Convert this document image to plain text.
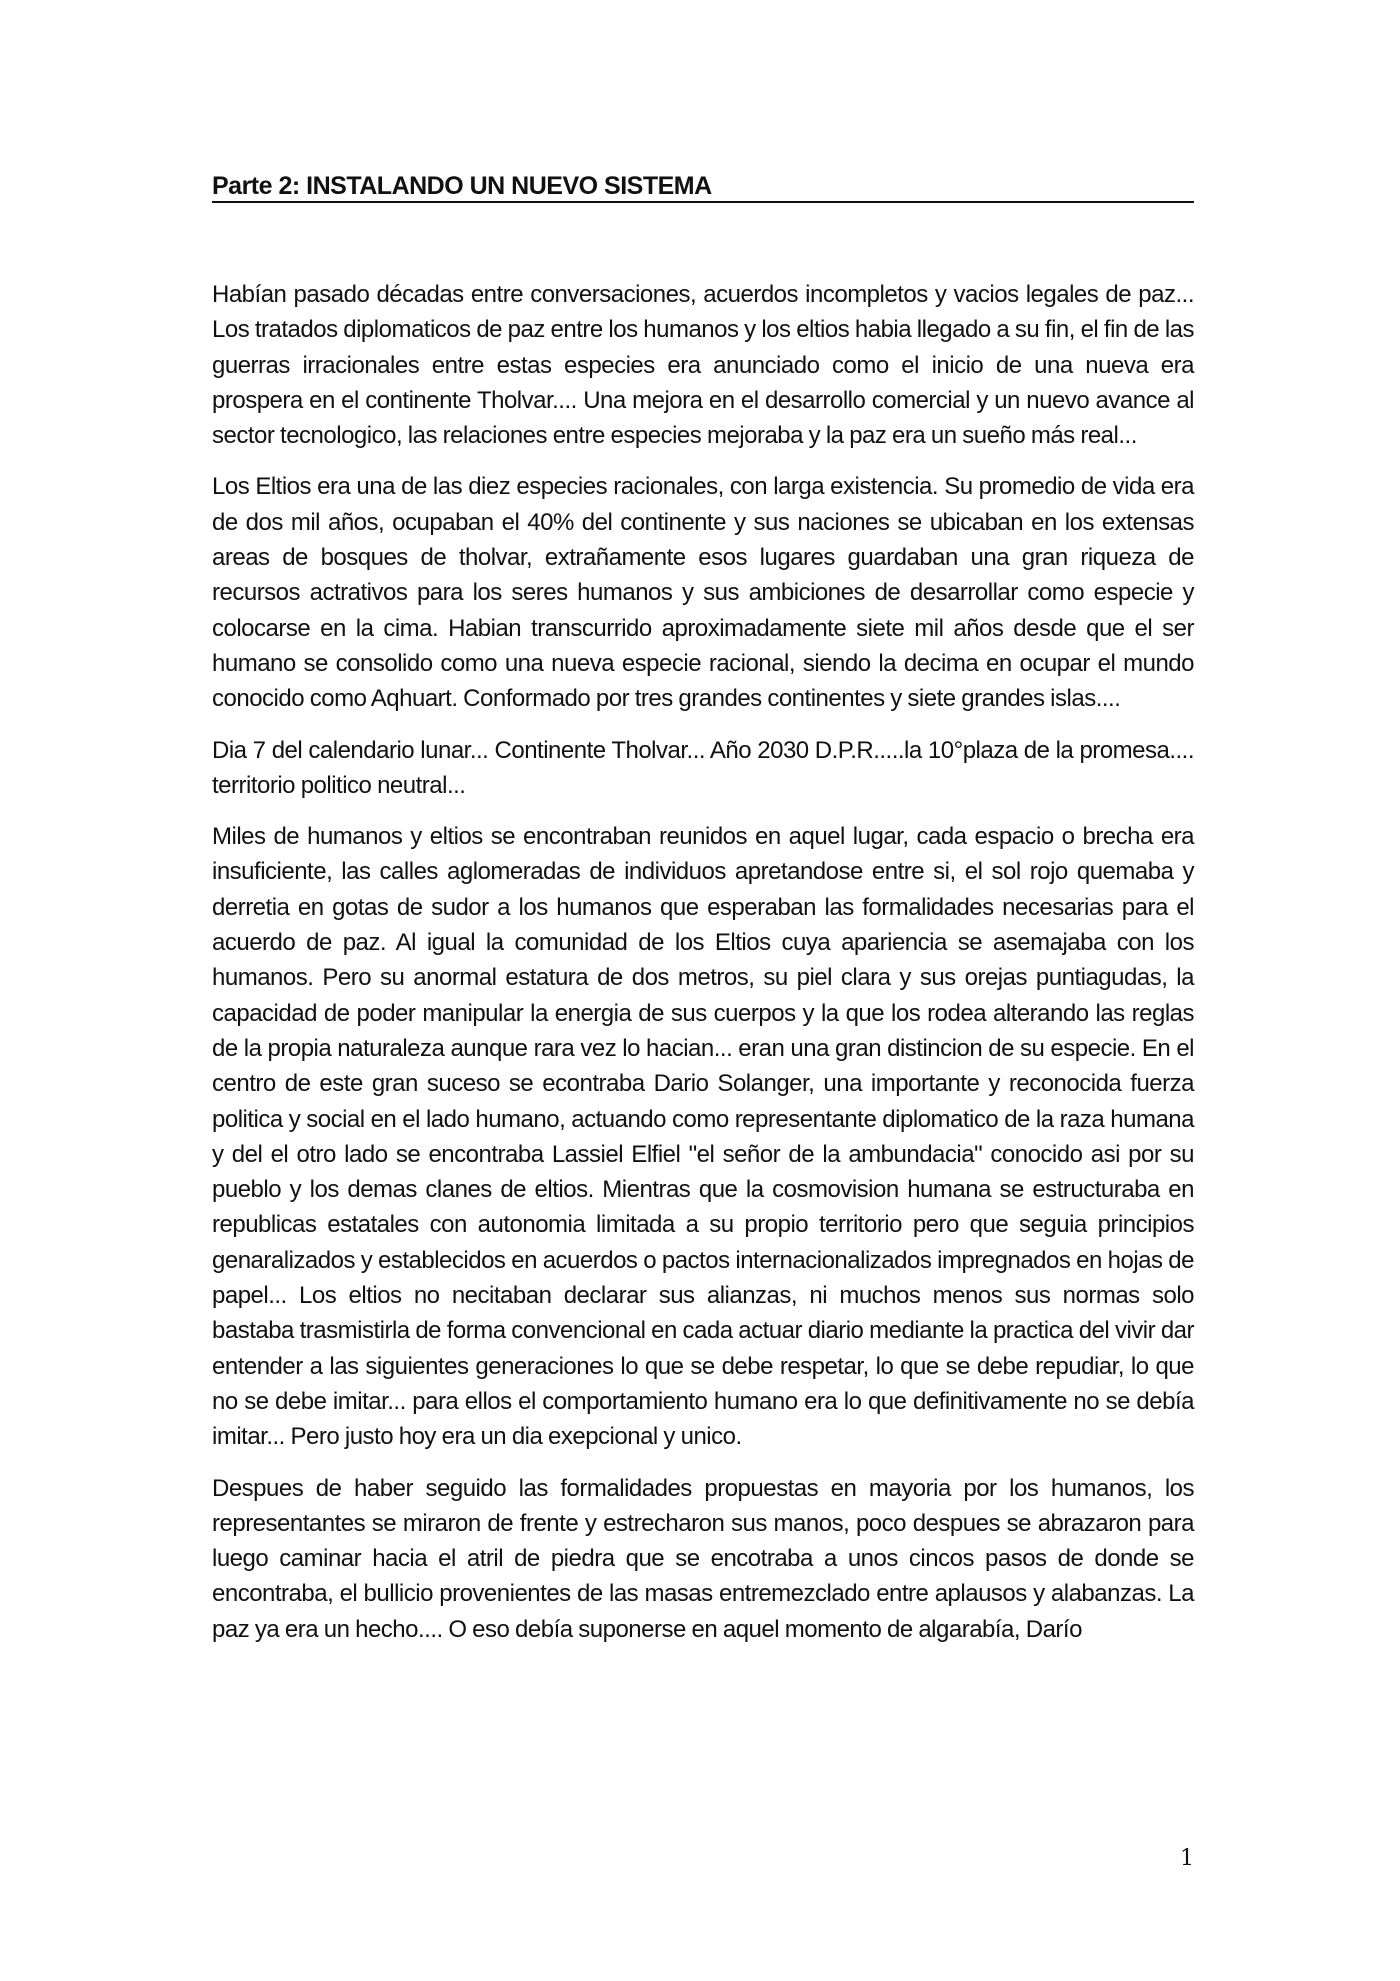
Parte 2: INSTALANDO UN NUEVO SISTEMA

Habían pasado décadas entre conversaciones, acuerdos incompletos y vacios legales de paz... Los tratados diplomaticos de paz entre los humanos y los eltios habia llegado a su fin, el fin de las guerras irracionales entre estas especies era anunciado como el inicio de una nueva era prospera en el continente Tholvar.... Una mejora en el desarrollo comercial y un nuevo avance al sector tecnologico, las relaciones entre especies mejoraba y la paz era un sueño más real...

Los Eltios era una de las diez especies racionales, con larga existencia. Su promedio de vida era de dos mil años, ocupaban el 40% del continente y sus naciones se ubicaban en los extensas areas de bosques de tholvar, extrañamente esos lugares guardaban una gran riqueza de recursos actrativos para los seres humanos y sus ambiciones de desarrollar como especie y colocarse en la cima. Habian transcurrido aproximadamente siete mil años desde que el ser humano se consolido como una nueva especie racional, siendo la decima en ocupar el mundo conocido como Aqhuart. Conformado por tres grandes continentes y siete grandes islas....

Dia 7 del calendario lunar... Continente Tholvar... Año 2030 D.P.R.....la 10°plaza de la promesa.... territorio politico neutral...

Miles de humanos y eltios se encontraban reunidos en aquel lugar, cada espacio o brecha era insuficiente, las calles aglomeradas de individuos apretandose entre si, el sol rojo quemaba y derretia en gotas de sudor a los humanos que esperaban las formalidades necesarias para el acuerdo de paz. Al igual la comunidad de los Eltios cuya apariencia se asemajaba con los humanos. Pero su anormal estatura de dos metros, su piel clara y sus orejas puntiagudas, la capacidad de poder manipular la energia de sus cuerpos y la que los rodea alterando las reglas de la propia naturaleza aunque rara vez lo hacian... eran una gran distincion de su especie. En el centro de este gran suceso se econtraba Dario Solanger, una importante y reconocida fuerza politica y social en el lado humano, actuando como representante diplomatico de la raza humana y del el otro lado se encontraba Lassiel Elfiel "el señor de la ambundacia" conocido asi por su pueblo y los demas clanes de eltios. Mientras que la cosmovision humana se estructuraba en republicas estatales con autonomia limitada a su propio territorio pero que seguia principios genaralizados y establecidos en acuerdos o pactos internacionalizados impregnados en hojas de papel... Los eltios no necitaban declarar sus alianzas, ni muchos menos sus normas solo bastaba trasmistirla de forma convencional en cada actuar diario mediante la practica del vivir dar entender a las siguientes generaciones lo que se debe respetar, lo que se debe repudiar, lo que no se debe imitar... para ellos el comportamiento humano era lo que definitivamente no se debía imitar... Pero justo hoy era un dia exepcional y unico.

Despues de haber seguido las formalidades propuestas en mayoria por los humanos, los representantes se miraron de frente y estrecharon sus manos, poco despues se abrazaron para luego caminar hacia el atril de piedra que se encotraba a unos cincos pasos de donde se encontraba, el bullicio provenientes de las masas entremezclado entre aplausos y alabanzas. La paz ya era un hecho.... O eso debía suponerse en aquel momento de algarabía, Darío

1
